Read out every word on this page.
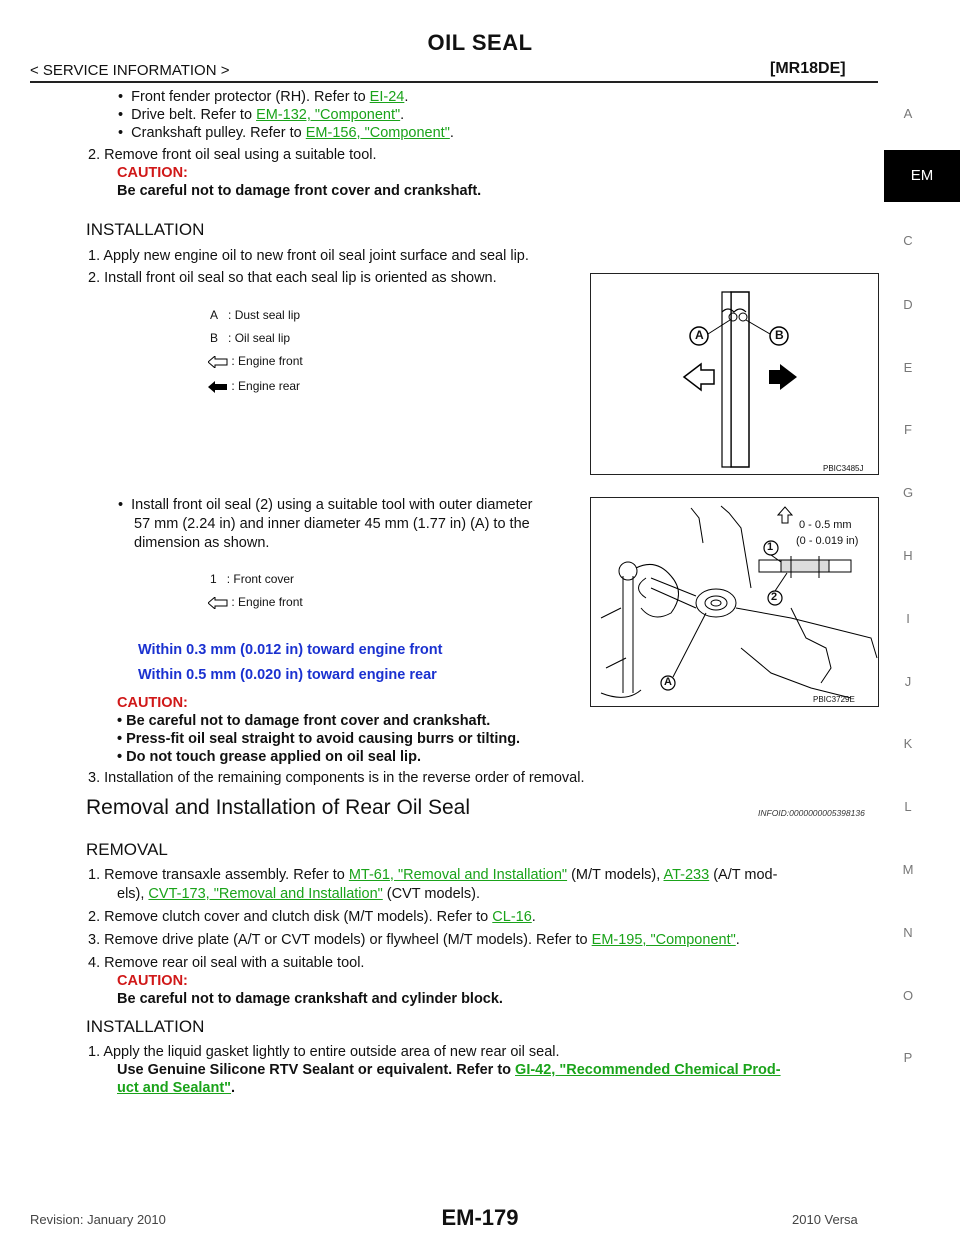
OIL SEAL
< SERVICE INFORMATION >	[MR18DE]
A
EM
C
D
E
F
G
H
I
J
K
L
M
N
O
P
•  Front fender protector (RH). Refer to EI-24.
•  Drive belt. Refer to EM-132, "Component".
•  Crankshaft pulley. Refer to EM-156, "Component".
2. Remove front oil seal using a suitable tool.
CAUTION:
Be careful not to damage front cover and crankshaft.
INSTALLATION
1. Apply new engine oil to new front oil seal joint surface and seal lip.
2. Install front oil seal so that each seal lip is oriented as shown.
A : Dust seal lip
B : Oil seal lip
: Engine front
: Engine rear
A	B
PBIC3485J
•  Install front oil seal (2) using a suitable tool with outer diameter
57 mm (2.24 in) and inner diameter 45 mm (1.77 in) (A) to the
dimension as shown.
1 : Front cover
: Engine front
0 - 0.5 mm
(0 - 0.019 in)
1
2
A
PBIC3729E
Within 0.3 mm (0.012 in) toward engine front
Within 0.5 mm (0.020 in) toward engine rear
CAUTION:
• Be careful not to damage front cover and crankshaft.
• Press-fit oil seal straight to avoid causing burrs or tilting.
• Do not touch grease applied on oil seal lip.
3. Installation of the remaining components is in the reverse order of removal.
Removal and Installation of Rear Oil Seal	INFOID:0000000005398136
REMOVAL
1. Remove transaxle assembly. Refer to MT-61, "Removal and Installation" (M/T models), AT-233 (A/T mod-
els), CVT-173, "Removal and Installation" (CVT models).
2. Remove clutch cover and clutch disk (M/T models). Refer to CL-16.
3. Remove drive plate (A/T or CVT models) or flywheel (M/T models). Refer to EM-195, "Component".
4. Remove rear oil seal with a suitable tool.
CAUTION:
Be careful not to damage crankshaft and cylinder block.
INSTALLATION
1. Apply the liquid gasket lightly to entire outside area of new rear oil seal.
Use Genuine Silicone RTV Sealant or equivalent. Refer to GI-42, "Recommended Chemical Prod-
uct and Sealant".
Revision: January 2010	EM-179	2010 Versa
